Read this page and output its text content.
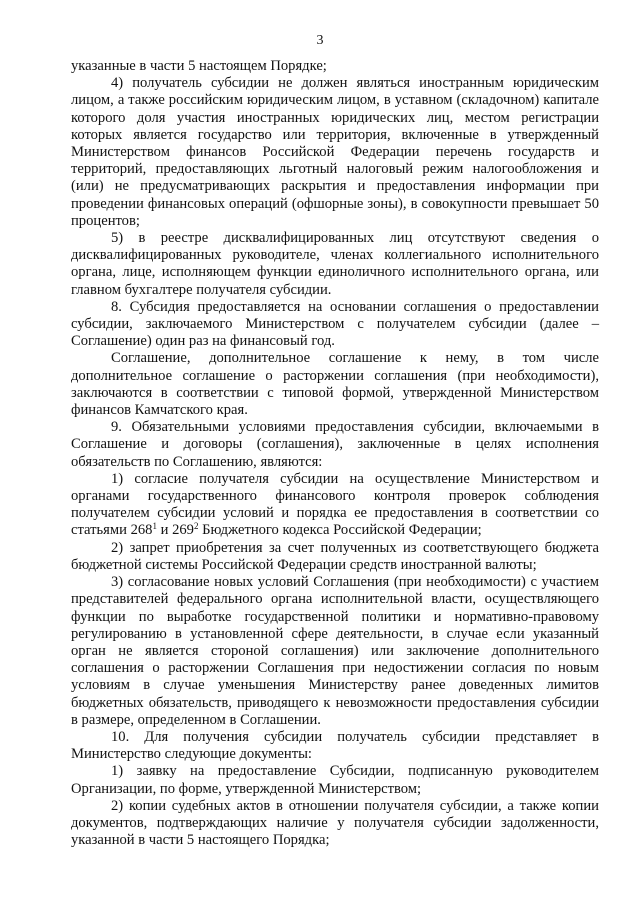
3

указанные в части 5 настоящем Порядке;

4) получатель субсидии не должен являться иностранным юридическим лицом, а также российским юридическим лицом, в уставном (складочном) капитале которого доля участия иностранных юридических лиц, местом регистрации которых является государство или территория, включенные в утвержденный Министерством финансов Российской Федерации перечень государств и территорий, предоставляющих льготный налоговый режим налогообложения и (или) не предусматривающих раскрытия и предоставления информации при проведении финансовых операций (офшорные зоны), в совокупности превышает 50 процентов;

5) в реестре дисквалифицированных лиц отсутствуют сведения о дисквалифицированных руководителе, членах коллегиального исполнительного органа, лице, исполняющем функции единоличного исполнительного органа, или главном бухгалтере получателя субсидии.

8. Субсидия предоставляется на основании соглашения о предоставлении субсидии, заключаемого Министерством с получателем субсидии (далее – Соглашение) один раз на финансовый год.

Соглашение, дополнительное соглашение к нему, в том числе дополнительное соглашение о расторжении соглашения (при необходимости), заключаются в соответствии с типовой формой, утвержденной Министерством финансов Камчатского края.

9. Обязательными условиями предоставления субсидии, включаемыми в Соглашение и договоры (соглашения), заключенные в целях исполнения обязательств по Соглашению, являются:

1) согласие получателя субсидии на осуществление Министерством и органами государственного финансового контроля проверок соблюдения получателем субсидии условий и порядка ее предоставления в соответствии со статьями $268^1$ и $269^2$ Бюджетного кодекса Российской Федерации;

2) запрет приобретения за счет полученных из соответствующего бюджета бюджетной системы Российской Федерации средств иностранной валюты;

3) согласование новых условий Соглашения (при необходимости) с участием представителей федерального органа исполнительной власти, осуществляющего функции по выработке государственной политики и нормативно-правовому регулированию в установленной сфере деятельности, в случае если указанный орган не является стороной соглашения) или заключение дополнительного соглашения о расторжении Соглашения при недостижении согласия по новым условиям в случае уменьшения Министерству ранее доведенных лимитов бюджетных обязательств, приводящего к невозможности предоставления субсидии в размере, определенном в Соглашении.

10. Для получения субсидии получатель субсидии представляет в Министерство следующие документы:

1) заявку на предоставление Субсидии, подписанную руководителем Организации, по форме, утвержденной Министерством;

2) копии судебных актов в отношении получателя субсидии, а также копии документов, подтверждающих наличие у получателя субсидии задолженности, указанной в части 5 настоящего Порядка;
